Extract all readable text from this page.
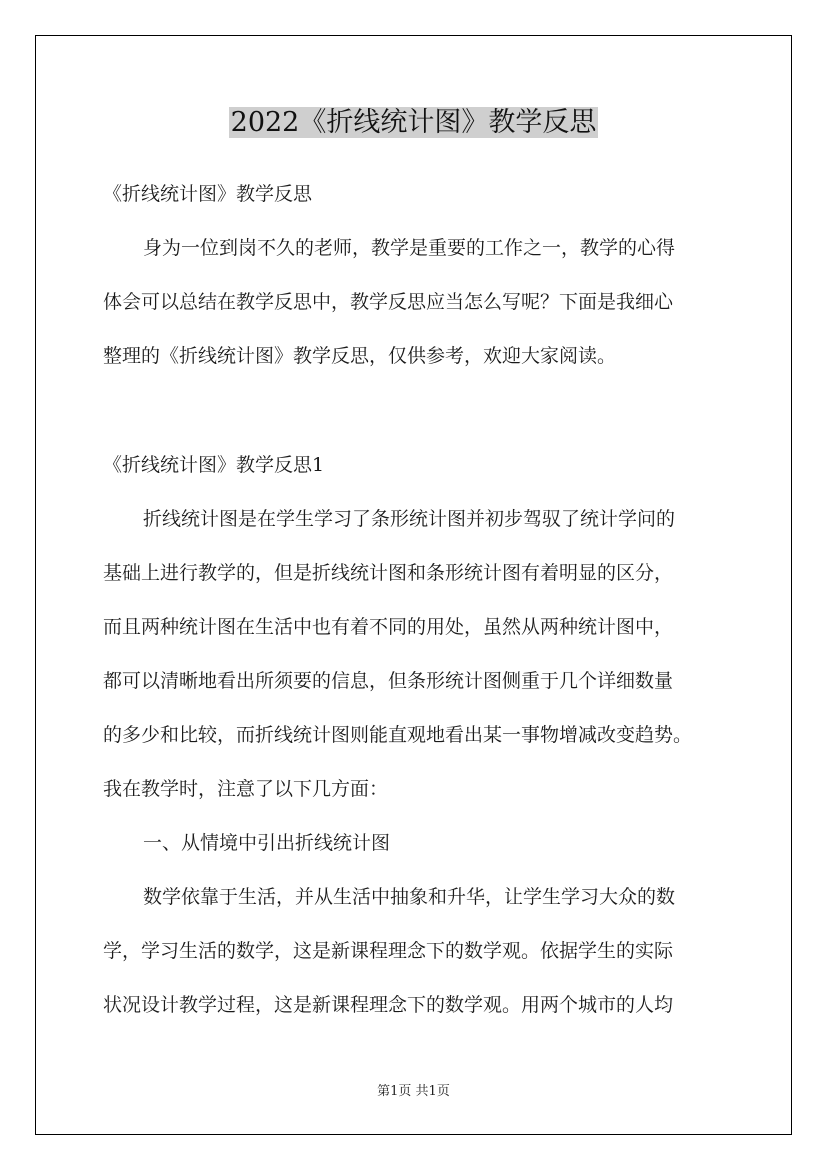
2022《折线统计图》教学反思

《折线统计图》教学反思

身为一位到岗不久的老师，教学是重要的工作之一，教学的心得

体会可以总结在教学反思中，教学反思应当怎么写呢？下面是我细心

整理的《折线统计图》教学反思，仅供参考，欢迎大家阅读。

《折线统计图》教学反思1

折线统计图是在学生学习了条形统计图并初步驾驭了统计学问的

基础上进行教学的，但是折线统计图和条形统计图有着明显的区分，

而且两种统计图在生活中也有着不同的用处，虽然从两种统计图中，

都可以清晰地看出所须要的信息，但条形统计图侧重于几个详细数量

的多少和比较，而折线统计图则能直观地看出某一事物增减改变趋势。

我在教学时，注意了以下几方面：

一、从情境中引出折线统计图

数学依靠于生活，并从生活中抽象和升华，让学生学习大众的数

学，学习生活的数学，这是新课程理念下的数学观。依据学生的实际

状况设计教学过程，这是新课程理念下的数学观。用两个城市的人均

第1页 共1页
